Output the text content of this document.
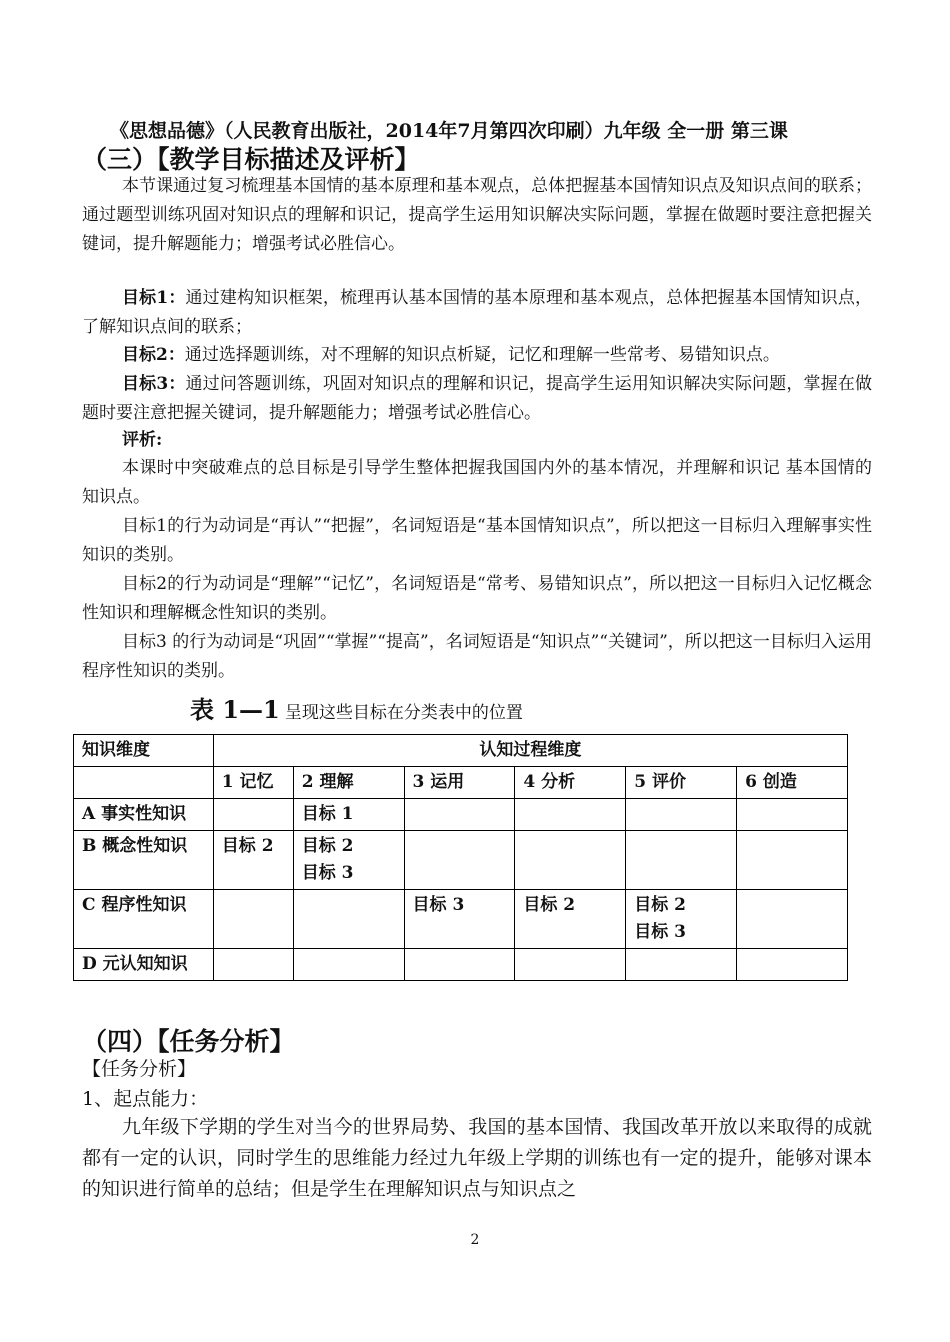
《思想品德》（人民教育出版社，2014年7月第四次印刷）九年级 全一册 第三课
（三）【教学目标描述及评析】
本节课通过复习梳理基本国情的基本原理和基本观点，总体把握基本国情知识点及知识点间的联系；通过题型训练巩固对知识点的理解和识记，提高学生运用知识解决实际问题，掌握在做题时要注意把握关键词，提升解题能力；增强考试必胜信心。
目标1：通过建构知识框架，梳理再认基本国情的基本原理和基本观点，总体把握基本国情知识点，了解知识点间的联系；
目标2：通过选择题训练，对不理解的知识点析疑，记忆和理解一些常考、易错知识点。
目标3：通过问答题训练，巩固对知识点的理解和识记，提高学生运用知识解决实际问题，掌握在做题时要注意把握关键词，提升解题能力；增强考试必胜信心。
评析:
本课时中突破难点的总目标是引导学生整体把握我国国内外的基本情况，并理解和识记 基本国情的知识点。
目标1的行为动词是“再认”“把握”，名词短语是“基本国情知识点”，所以把这一目标归入理解事实性知识的类别。
目标2的行为动词是“理解”“记忆”，名词短语是“常考、易错知识点”，所以把这一目标归入记忆概念性知识和理解概念性知识的类别。
目标3 的行为动词是“巩固”“掌握”“提高”，名词短语是“知识点”“关键词”，所以把这一目标归入运用程序性知识的类别。
表 1—1 呈现这些目标在分类表中的位置
知识维度	认知过程维度					
	1 记忆	2 理解	3 运用	4 分析	5 评价	6 创造
A 事实性知识		目标 1				

B 概念性知识	目标 2	目标 2
目标 3				

C 程序性知识			目标 3	目标 2	目标 2
目标 3	

D 元认知知识						
（四）【任务分析】
【任务分析】
1、起点能力：
九年级下学期的学生对当今的世界局势、我国的基本国情、我国改革开放以来取得的成就都有一定的认识，同时学生的思维能力经过九年级上学期的训练也有一定的提升，能够对课本的知识进行简单的总结；但是学生在理解知识点与知识点之
2
